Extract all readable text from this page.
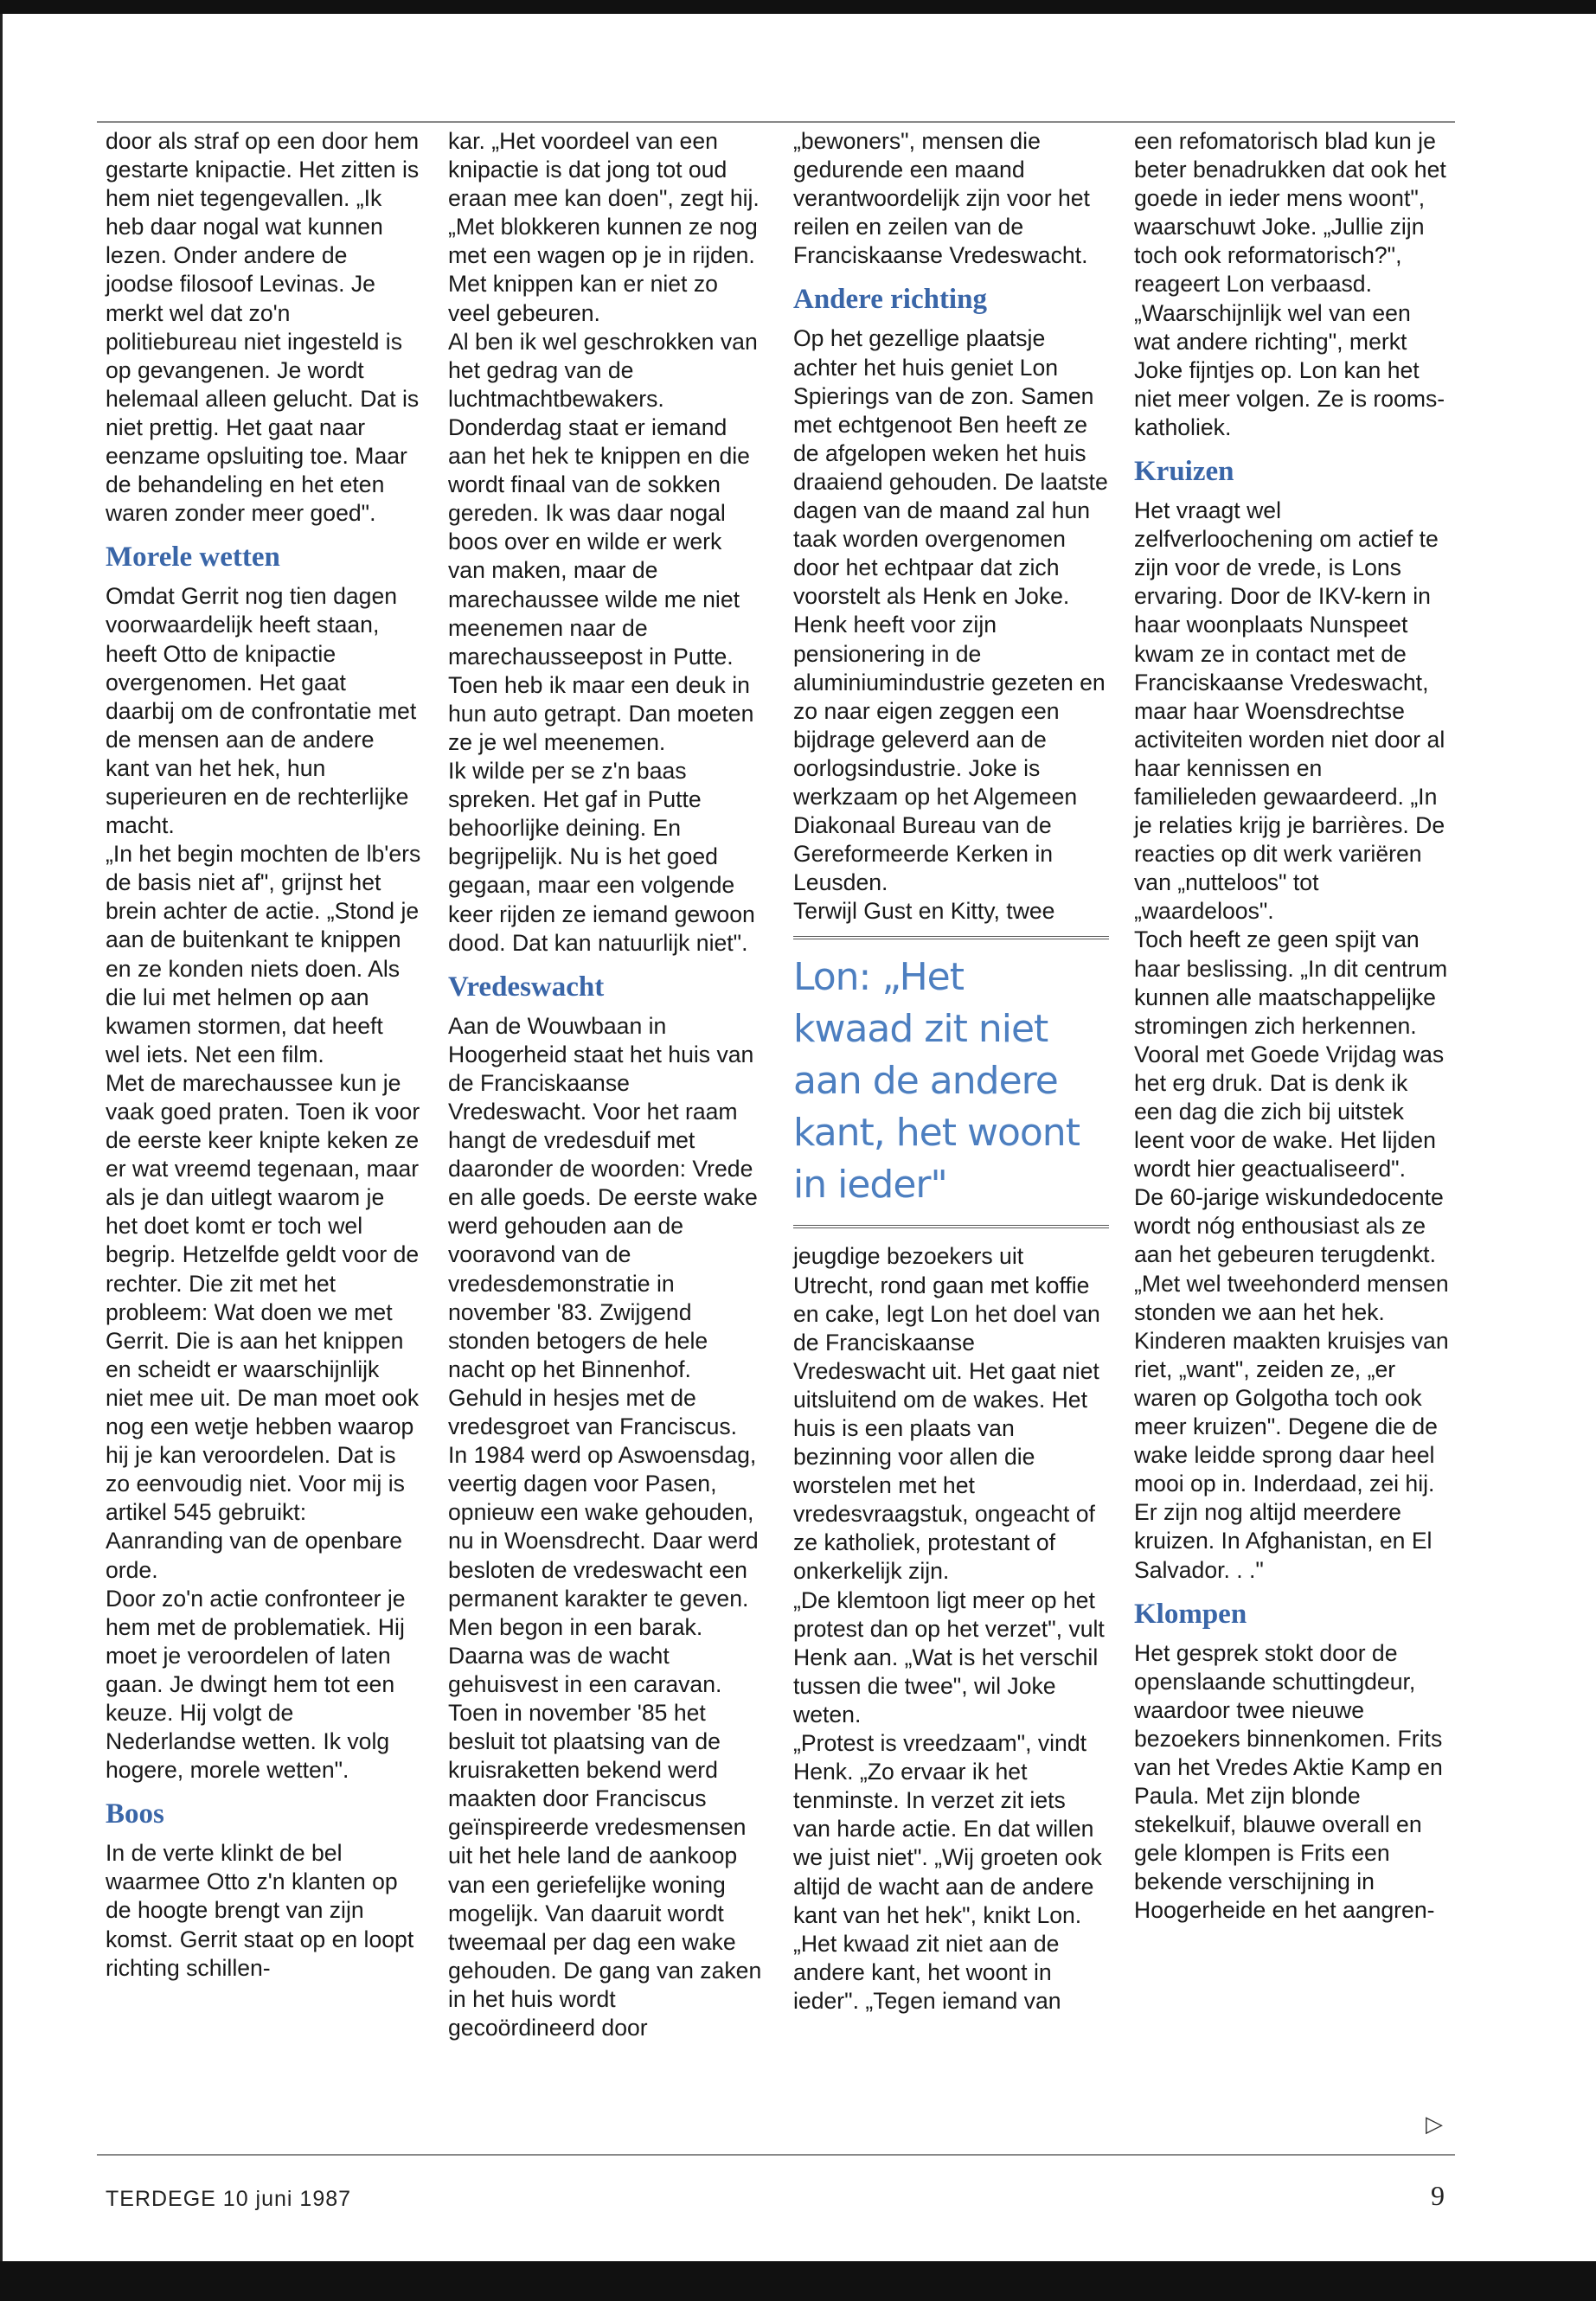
door als straf op een door hem gestarte knipactie. Het zitten is hem niet tegengevallen. „Ik heb daar nogal wat kunnen lezen. Onder andere de joodse filosoof Levinas. Je merkt wel dat zo'n politiebureau niet ingesteld is op gevangenen. Je wordt helemaal alleen gelucht. Dat is niet prettig. Het gaat naar eenzame opsluiting toe. Maar de behandeling en het eten waren zonder meer goed".

Morele wetten

Omdat Gerrit nog tien dagen voorwaardelijk heeft staan, heeft Otto de knipactie overgenomen. Het gaat daarbij om de confrontatie met de mensen aan de andere kant van het hek, hun superieuren en de rechterlijke macht.

„In het begin mochten de lb'ers de basis niet af", grijnst het brein achter de actie. „Stond je aan de buitenkant te knippen en ze konden niets doen. Als die lui met helmen op aan kwamen stormen, dat heeft wel iets. Net een film.

Met de marechaussee kun je vaak goed praten. Toen ik voor de eerste keer knipte keken ze er wat vreemd tegenaan, maar als je dan uitlegt waarom je het doet komt er toch wel begrip. Hetzelfde geldt voor de rechter. Die zit met het probleem: Wat doen we met Gerrit. Die is aan het knippen en scheidt er waarschijnlijk niet mee uit. De man moet ook nog een wetje hebben waarop hij je kan veroordelen. Dat is zo eenvoudig niet. Voor mij is artikel 545 gebruikt: Aanranding van de openbare orde.

Door zo'n actie confronteer je hem met de problematiek. Hij moet je veroordelen of laten gaan. Je dwingt hem tot een keuze. Hij volgt de Nederlandse wetten. Ik volg hogere, morele wetten".

Boos

In de verte klinkt de bel waarmee Otto z'n klanten op de hoogte brengt van zijn komst. Gerrit staat op en loopt richting schillen-

kar. „Het voordeel van een knipactie is dat jong tot oud eraan mee kan doen", zegt hij. „Met blokkeren kunnen ze nog met een wagen op je in rijden. Met knippen kan er niet zo veel gebeuren.

Al ben ik wel geschrokken van het gedrag van de luchtmachtbewakers. Donderdag staat er iemand aan het hek te knippen en die wordt finaal van de sokken gereden. Ik was daar nogal boos over en wilde er werk van maken, maar de marechaussee wilde me niet meenemen naar de marechausseepost in Putte. Toen heb ik maar een deuk in hun auto getrapt. Dan moeten ze je wel meenemen.

Ik wilde per se z'n baas spreken. Het gaf in Putte behoorlijke deining. En begrijpelijk. Nu is het goed gegaan, maar een volgende keer rijden ze iemand gewoon dood. Dat kan natuurlijk niet".

Vredeswacht

Aan de Wouwbaan in Hoogerheid staat het huis van de Franciskaanse Vredeswacht. Voor het raam hangt de vredesduif met daaronder de woorden: Vrede en alle goeds. De eerste wake werd gehouden aan de vooravond van de vredesdemonstratie in november '83. Zwijgend stonden betogers de hele nacht op het Binnenhof. Gehuld in hesjes met de vredesgroet van Franciscus.

In 1984 werd op Aswoensdag, veertig dagen voor Pasen, opnieuw een wake gehouden, nu in Woensdrecht. Daar werd besloten de vredeswacht een permanent karakter te geven. Men begon in een barak. Daarna was de wacht gehuisvest in een caravan. Toen in november '85 het besluit tot plaatsing van de kruisraketten bekend werd maakten door Franciscus geïnspireerde vredesmensen uit het hele land de aankoop van een geriefelijke woning mogelijk. Van daaruit wordt tweemaal per dag een wake gehouden. De gang van zaken in het huis wordt gecoördineerd door

„bewoners", mensen die gedurende een maand verantwoordelijk zijn voor het reilen en zeilen van de Franciskaanse Vredeswacht.

Andere richting

Op het gezellige plaatsje achter het huis geniet Lon Spierings van de zon. Samen met echtgenoot Ben heeft ze de afgelopen weken het huis draaiend gehouden. De laatste dagen van de maand zal hun taak worden overgenomen door het echtpaar dat zich voorstelt als Henk en Joke. Henk heeft voor zijn pensionering in de aluminiumindustrie gezeten en zo naar eigen zeggen een bijdrage geleverd aan de oorlogsindustrie. Joke is werkzaam op het Algemeen Diakonaal Bureau van de Gereformeerde Kerken in Leusden.

Terwijl Gust en Kitty, twee

Lon: „Het
kwaad zit niet
aan de andere
kant, het woont
in ieder"

jeugdige bezoekers uit Utrecht, rond gaan met koffie en cake, legt Lon het doel van de Franciskaanse Vredeswacht uit. Het gaat niet uitsluitend om de wakes. Het huis is een plaats van bezinning voor allen die worstelen met het vredesvraagstuk, ongeacht of ze katholiek, protestant of onkerkelijk zijn.

„De klemtoon ligt meer op het protest dan op het verzet", vult Henk aan. „Wat is het verschil tussen die twee", wil Joke weten.

„Protest is vreedzaam", vindt Henk. „Zo ervaar ik het tenminste. In verzet zit iets van harde actie. En dat willen we juist niet". „Wij groeten ook altijd de wacht aan de andere kant van het hek", knikt Lon. „Het kwaad zit niet aan de andere kant, het woont in ieder". „Tegen iemand van

een refomatorisch blad kun je beter benadrukken dat ook het goede in ieder mens woont", waarschuwt Joke. „Jullie zijn toch ook reformatorisch?", reageert Lon verbaasd. „Waarschijnlijk wel van een wat andere richting", merkt Joke fijntjes op. Lon kan het niet meer volgen. Ze is rooms-katholiek.

Kruizen

Het vraagt wel zelfverloochening om actief te zijn voor de vrede, is Lons ervaring. Door de IKV-kern in haar woonplaats Nunspeet kwam ze in contact met de Franciskaanse Vredeswacht, maar haar Woensdrechtse activiteiten worden niet door al haar kennissen en familieleden gewaardeerd. „In je relaties krijg je barrières. De reacties op dit werk variëren van „nutteloos" tot „waardeloos".

Toch heeft ze geen spijt van haar beslissing. „In dit centrum kunnen alle maatschappelijke stromingen zich herkennen. Vooral met Goede Vrijdag was het erg druk. Dat is denk ik een dag die zich bij uitstek leent voor de wake. Het lijden wordt hier geactualiseerd".

De 60-jarige wiskundedocente wordt nóg enthousiast als ze aan het gebeuren terugdenkt. „Met wel tweehonderd mensen stonden we aan het hek. Kinderen maakten kruisjes van riet, „want", zeiden ze, „er waren op Golgotha toch ook meer kruizen". Degene die de wake leidde sprong daar heel mooi op in. Inderdaad, zei hij. Er zijn nog altijd meerdere kruizen. In Afghanistan, en El Salvador. . ."

Klompen

Het gesprek stokt door de openslaande schuttingdeur, waardoor twee nieuwe bezoekers binnenkomen. Frits van het Vredes Aktie Kamp en Paula. Met zijn blonde stekelkuif, blauwe overall en gele klompen is Frits een bekende verschijning in Hoogerheide en het aangren-

▷
TERDEGE 10 juni 1987	9
